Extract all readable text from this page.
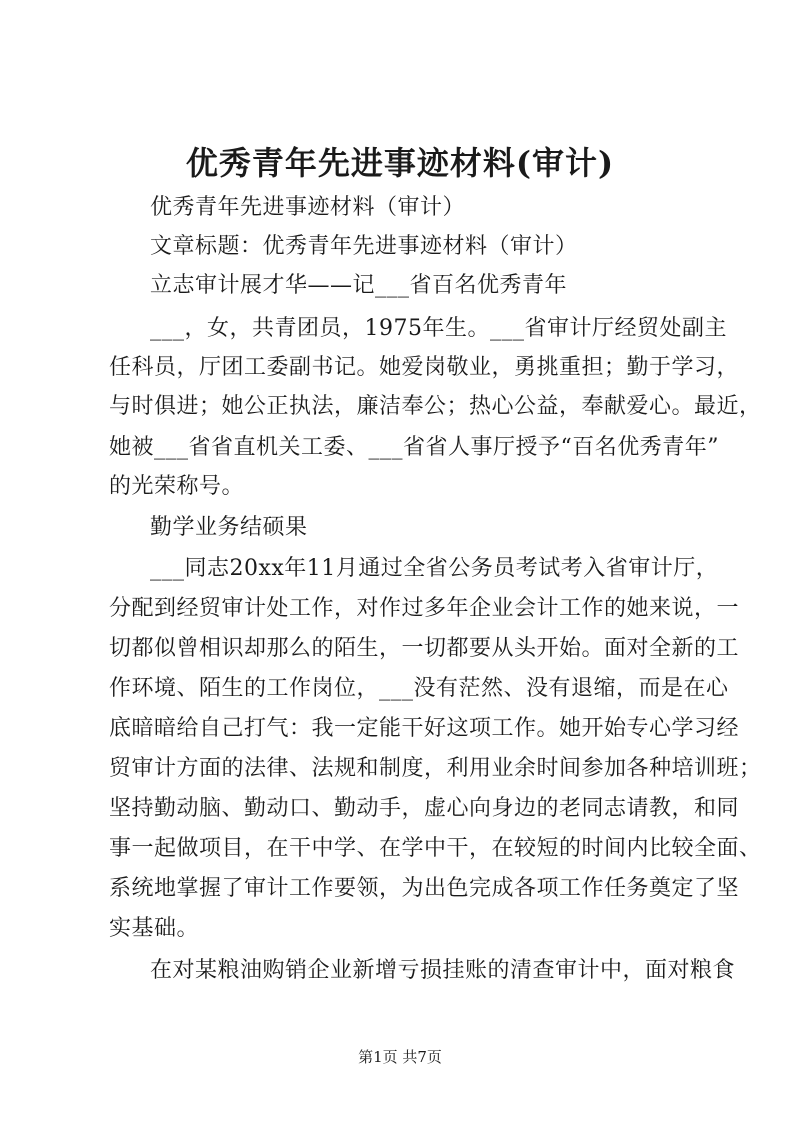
优秀青年先进事迹材料(审计)
优秀青年先进事迹材料（审计）
文章标题：优秀青年先进事迹材料（审计）
立志审计展才华——记___省百名优秀青年
___，女，共青团员，1975年生。___省审计厅经贸处副主
任科员，厅团工委副书记。她爱岗敬业，勇挑重担；勤于学习，
与时俱进；她公正执法，廉洁奉公；热心公益，奉献爱心。最近，
她被___省省直机关工委、___省省人事厅授予“百名优秀青年”
的光荣称号。
勤学业务结硕果
___同志20xx年11月通过全省公务员考试考入省审计厅，
分配到经贸审计处工作，对作过多年企业会计工作的她来说，一
切都似曾相识却那么的陌生，一切都要从头开始。面对全新的工
作环境、陌生的工作岗位，___没有茫然、没有退缩，而是在心
底暗暗给自己打气：我一定能干好这项工作。她开始专心学习经
贸审计方面的法律、法规和制度，利用业余时间参加各种培训班；
坚持勤动脑、勤动口、勤动手，虚心向身边的老同志请教，和同
事一起做项目，在干中学、在学中干，在较短的时间内比较全面、
系统地掌握了审计工作要领，为出色完成各项工作任务奠定了坚
实基础。
在对某粮油购销企业新增亏损挂账的清查审计中，面对粮食
第1页 共7页
